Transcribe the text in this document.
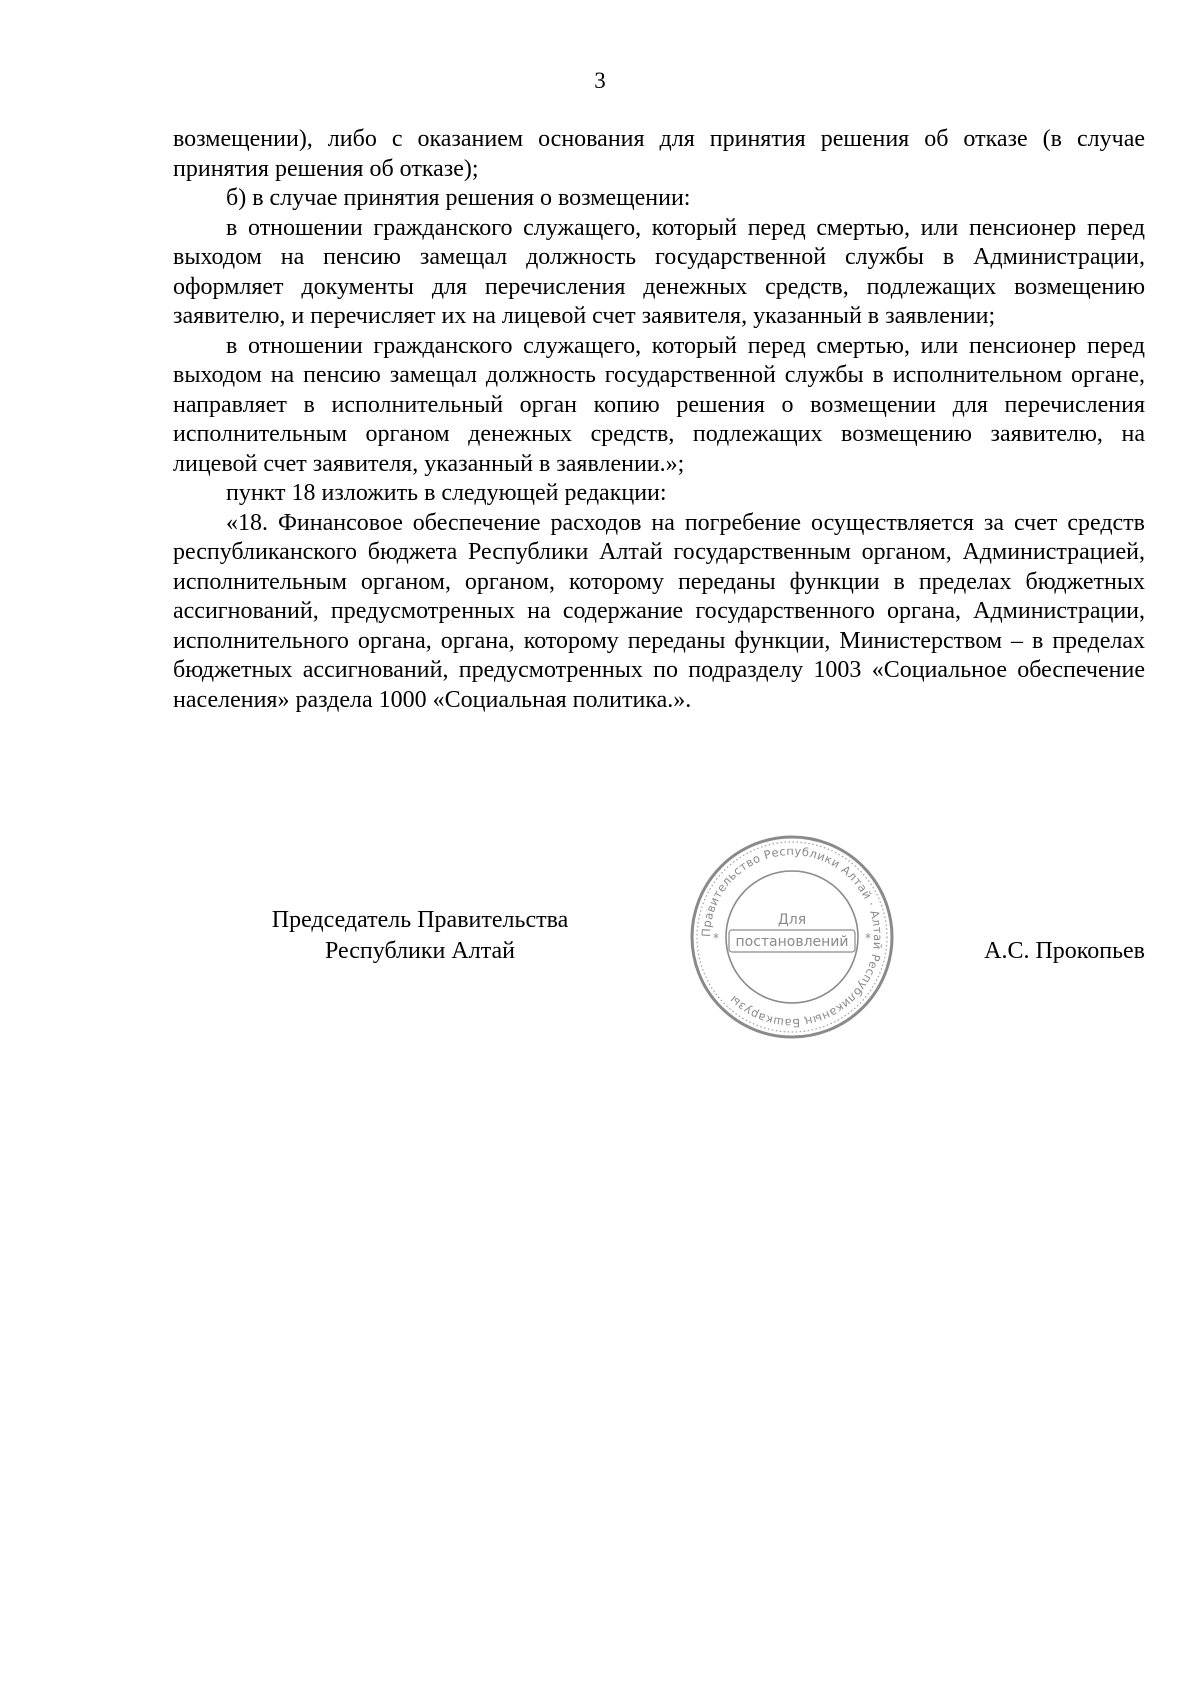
3

возмещении), либо с оказанием основания для принятия решения об отказе (в случае принятия решения об отказе);

б) в случае принятия решения о возмещении:

в отношении гражданского служащего, который перед смертью, или пенсионер перед выходом на пенсию замещал должность государственной службы в Администрации, оформляет документы для перечисления денежных средств, подлежащих возмещению заявителю, и перечисляет их на лицевой счет заявителя, указанный в заявлении;

в отношении гражданского служащего, который перед смертью, или пенсионер перед выходом на пенсию замещал должность государственной службы в исполнительном органе, направляет в исполнительный орган копию решения о возмещении для перечисления исполнительным органом денежных средств, подлежащих возмещению заявителю, на лицевой счет заявителя, указанный в заявлении.»;

пункт 18 изложить в следующей редакции:

«18. Финансовое обеспечение расходов на погребение осуществляется за счет средств республиканского бюджета Республики Алтай государственным органом, Администрацией, исполнительным органом, органом, которому переданы функции в пределах бюджетных ассигнований, предусмотренных на содержание государственного органа, Администрации, исполнительного органа, органа, которому переданы функции, Министерством – в пределах бюджетных ассигнований, предусмотренных по подразделу 1003 «Социальное обеспечение населения» раздела 1000 «Социальная политика.».

Председатель Правительства
Республики Алтай
Правительство Республики Алтай · Алтай Республиканың Башкарузы
*	*
Для
постановлений	А.С. Прокопьев
